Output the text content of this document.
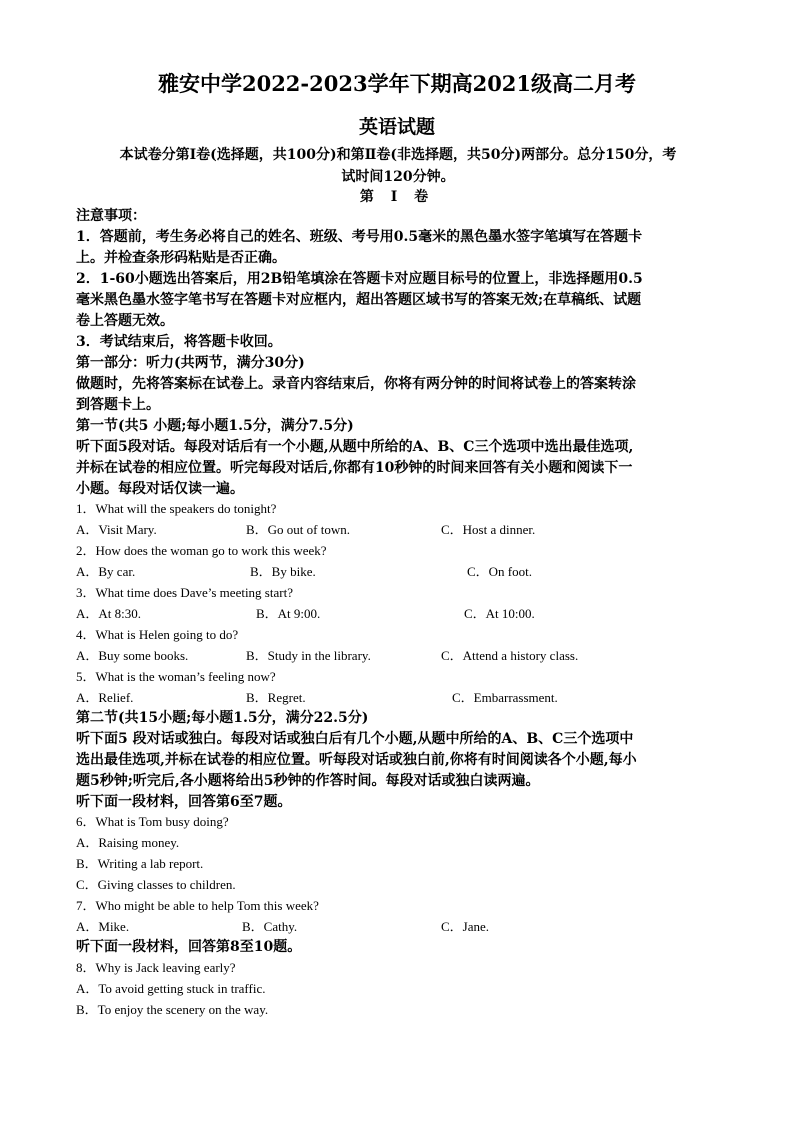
雅安中学2022-2023学年下期高2021级高二月考
英语试题
本试卷分第Ⅰ卷(选择题，共100分)和第Ⅱ卷(非选择题，共50分)两部分。总分150分，考
试时间120分钟。
第 Ⅰ 卷
注意事项：
1．答题前，考生务必将自己的姓名、班级、考号用0.5毫米的黑色墨水签字笔填写在答题卡
上。并检查条形码粘贴是否正确。
2．1-60小题选出答案后，用2B铅笔填涂在答题卡对应题目标号的位置上，非选择题用0.5
毫米黑色墨水签字笔书写在答题卡对应框内，超出答题区域书写的答案无效;在草稿纸、试题
卷上答题无效。
3．考试结束后，将答题卡收回。
第一部分：听力(共两节，满分30分)
做题时，先将答案标在试卷上。录音内容结束后，你将有两分钟的时间将试卷上的答案转涂
到答题卡上。
第一节(共5 小题;每小题1.5分，满分7.5分)
听下面5段对话。每段对话后有一个小题,从题中所给的A、B、C三个选项中选出最佳选项,
并标在试卷的相应位置。听完每段对话后,你都有10秒钟的时间来回答有关小题和阅读下一
小题。每段对话仅读一遍。
1．What will the speakers do tonight?
A．Visit Mary.	B．Go out of town.	C．Host a dinner.
2．How does the woman go to work this week?
A．By car.	B．By bike.	C．On foot.
3．What time does Dave’s meeting start?
A．At 8:30.	B．At 9:00.	C．At 10:00.
4．What is Helen going to do?
A．Buy some books.	B．Study in the library.	C．Attend a history class.
5．What is the woman’s feeling now?
A．Relief.	B．Regret.	C．Embarrassment.
第二节(共15小题;每小题1.5分，满分22.5分)
听下面5 段对话或独白。每段对话或独白后有几个小题,从题中所给的A、B、C三个选项中
选出最佳选项,并标在试卷的相应位置。听每段对话或独白前,你将有时间阅读各个小题,每小
题5秒钟;听完后,各小题将给出5秒钟的作答时间。每段对话或独白读两遍。
听下面一段材料，回答第6至7题。
6．What is Tom busy doing?
A．Raising money.
B．Writing a lab report.
C．Giving classes to children.
7．Who might be able to help Tom this week?
A．Mike.	B．Cathy.	C．Jane.
听下面一段材料，回答第8至10题。
8．Why is Jack leaving early?
A．To avoid getting stuck in traffic.
B．To enjoy the scenery on the way.
